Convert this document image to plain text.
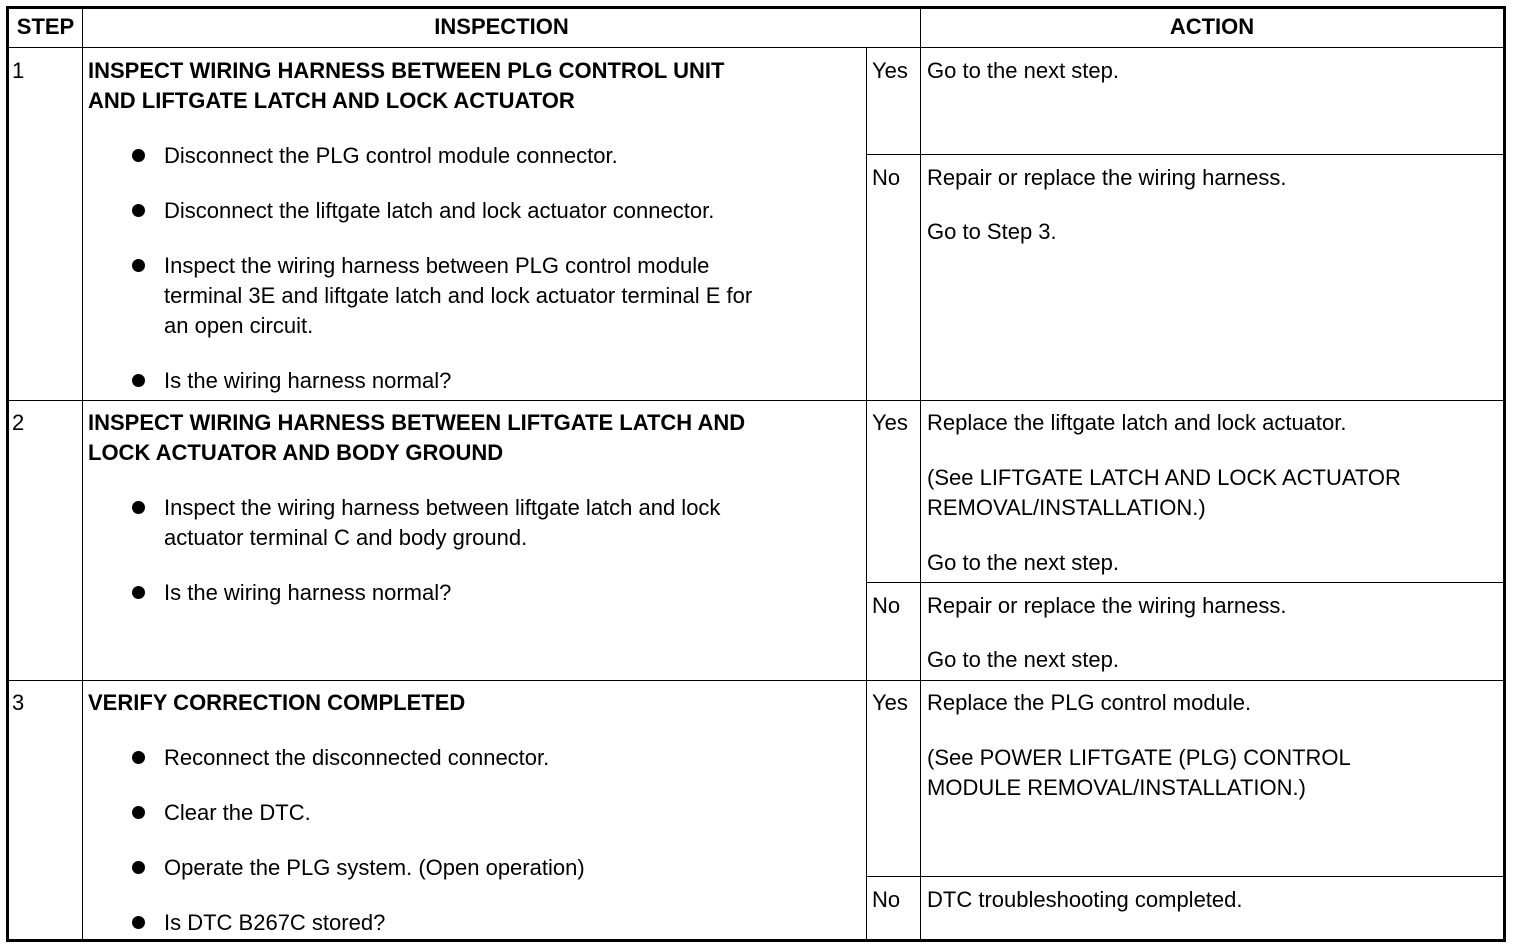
STEP	INSPECTION	ACTION
1	INSPECT WIRING HARNESS BETWEEN PLG CONTROL UNIT
AND LIFTGATE LATCH AND LOCK ACTUATOR
Disconnect the PLG control module connector.
Disconnect the liftgate latch and lock actuator connector.
Inspect the wiring harness between PLG control module
terminal 3E and liftgate latch and lock actuator terminal E for
an open circuit.
Is the wiring harness normal?
Yes Go to the next step.
No Repair or replace the wiring harness.
Go to Step 3.
2	INSPECT WIRING HARNESS BETWEEN LIFTGATE LATCH AND
LOCK ACTUATOR AND BODY GROUND
Inspect the wiring harness between liftgate latch and lock
actuator terminal C and body ground.
Is the wiring harness normal?
Yes Replace the liftgate latch and lock actuator.
(See LIFTGATE LATCH AND LOCK ACTUATOR
REMOVAL/INSTALLATION.)
Go to the next step.
No Repair or replace the wiring harness.
Go to the next step.
3	VERIFY CORRECTION COMPLETED
Reconnect the disconnected connector.
Clear the DTC.
Operate the PLG system. (Open operation)
Is DTC B267C stored?
Yes Replace the PLG control module.
(See POWER LIFTGATE (PLG) CONTROL
MODULE REMOVAL/INSTALLATION.)
No DTC troubleshooting completed.
